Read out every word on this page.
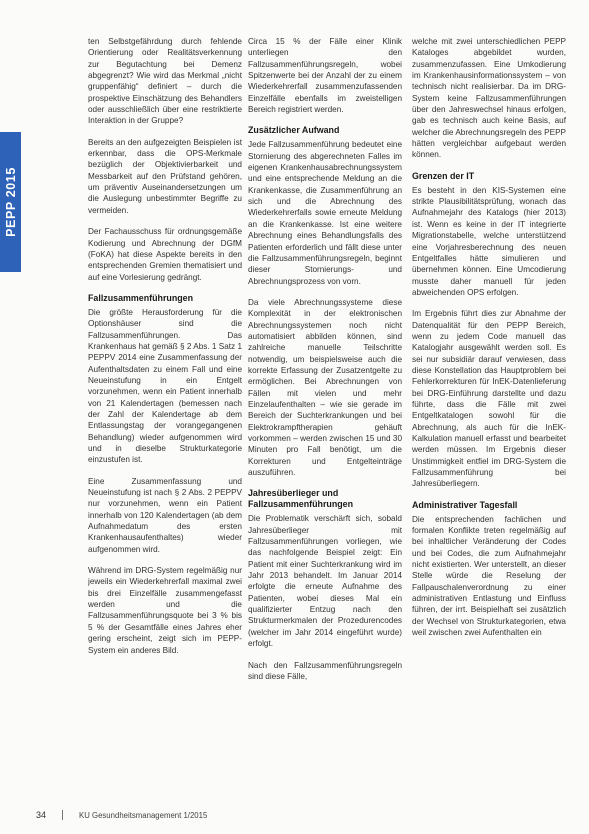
PEPP 2015

ten Selbstgefährdung durch fehlende Orientierung oder Realitätsverkennung zur Begutachtung bei Demenz abgegrenzt? Wie wird das Merkmal „nicht gruppenfähig“ definiert – durch die prospektive Einschätzung des Behandlers oder ausschließlich über eine restriktierte Interaktion in der Gruppe?

Bereits an den aufgezeigten Beispielen ist erkennbar, dass die OPS-Merkmale bezüglich der Objektivierbarkeit und Messbarkeit auf den Prüfstand gehören, um präventiv Auseinandersetzungen um die Auslegung unbestimmter Begriffe zu vermeiden.

Der Fachausschuss für ordnungsgemäße Kodierung und Abrechnung der DGfM (FoKA) hat diese Aspekte bereits in den entsprechenden Gremien thematisiert und auf eine Vorlesierung gedrängt.

Fallzusammenführungen

Die größte Herausforderung für die Optionshäuser sind die Fallzusammenführungen. Das Krankenhaus hat gemäß § 2 Abs. 1 Satz 1 PEPPV 2014 eine Zusammenfassung der Aufenthaltsdaten zu einem Fall und eine Neueinstufung in ein Entgelt vorzunehmen, wenn ein Patient innerhalb von 21 Kalendertagen (bemessen nach der Zahl der Kalendertage ab dem Entlassungstag der vorangegangenen Behandlung) wieder aufgenommen wird und in dieselbe Strukturkategorie einzustufen ist.

Eine Zusammenfassung und Neueinstufung ist nach § 2 Abs. 2 PEPPV nur vorzunehmen, wenn ein Patient innerhalb von 120 Kalendertagen (ab dem Aufnahmedatum des ersten Krankenhausaufenthaltes) wieder aufgenommen wird.

Während im DRG-System regelmäßig nur jeweils ein Wiederkehrerfall maximal zwei bis drei Einzelfälle zusammengefasst werden und die Fallzusammenführungsquote bei 3 % bis 5 % der Gesamtfälle eines Jahres eher gering erscheint, zeigt sich im PEPP-System ein anderes Bild.

Circa 15 % der Fälle einer Klinik unterliegen den Fallzusammenführungsregeln, wobei Spitzenwerte bei der Anzahl der zu einem Wiederkehrerfall zusammenzufassenden Einzelfälle ebenfalls im zweistelligen Bereich registriert werden.

Zusätzlicher Aufwand

Jede Fallzusammenführung bedeutet eine Stornierung des abgerechneten Falles im eigenen Krankenhausabrechnungssystem und eine entsprechende Meldung an die Krankenkasse, die Zusammenführung an sich und die Abrechnung des Wiederkehrerfalls sowie erneute Meldung an die Krankenkasse. Ist eine weitere Abrechnung eines Behandlungsfalls des Patienten erforderlich und fällt diese unter die Fallzusammenführungsregeln, beginnt dieser Stornierungs- und Abrechnungsprozess von vorn.

Da viele Abrechnungssysteme diese Komplexität in der elektronischen Abrechnungssystemen noch nicht automatisiert abbilden können, sind zahlreiche manuelle Teilschritte notwendig, um beispielsweise auch die korrekte Erfassung der Zusatzentgelte zu ermöglichen. Bei Abrechnungen von Fällen mit vielen und mehr Einzelaufenthalten – wie sie gerade im Bereich der Suchterkrankungen und bei Elektrokrampftherapien gehäuft vorkommen – werden zwischen 15 und 30 Minuten pro Fall benötigt, um die Korrekturen und Entgelteinträge auszuführen.

Jahresüberlieger und Fallzusammenführungen

Die Problematik verschärft sich, sobald Jahresüberlieger mit Fallzusammenführungen vorliegen, wie das nachfolgende Beispiel zeigt: Ein Patient mit einer Suchterkrankung wird im Jahr 2013 behandelt. Im Januar 2014 erfolgte die erneute Aufnahme des Patienten, wobei dieses Mal ein qualifizierter Entzug nach den Strukturmerkmalen der Prozedurencodes (welcher im Jahr 2014 eingeführt wurde) erfolgt.

Nach den Fallzusammenführungsregeln sind diese Fälle,

welche mit zwei unterschiedlichen PEPP Kataloges abgebildet wurden, zusammenzufassen. Eine Umkodierung im Krankenhausinformationssystem – von technisch nicht realisierbar. Da im DRG-System keine Fallzusammenführungen über den Jahreswechsel hinaus erfolgen, gab es technisch auch keine Basis, auf welcher die Abrechnungsregeln des PEPP hätten vergleichbar aufgebaut werden können.

Grenzen der IT

Es besteht in den KIS-Systemen eine strikte Plausibilitätsprüfung, wonach das Aufnahmejahr des Katalogs (hier 2013) ist. Wenn es keine in der IT integrierte Migrationstabelle, welche unterstützend eine Vorjahresberechnung des neuen Entgeltfalles hätte simulieren und übernehmen können. Eine Umcodierung musste daher manuell für jeden abweichenden OPS erfolgen.

Im Ergebnis führt dies zur Abnahme der Datenqualität für den PEPP Bereich, wenn zu jedem Code manuell das Katalogjahr ausgewählt werden soll. Es sei nur subsidiär darauf verwiesen, dass diese Konstellation das Hauptproblem bei Fehlerkorrekturen für InEK-Datenlieferung bei DRG-Einführung darstellte und dazu führte, dass die Fälle mit zwei Entgeltkatalogen sowohl für die Abrechnung, als auch für die InEK-Kalkulation manuell erfasst und bearbeitet werden müssen. Im Ergebnis dieser Unstimmigkeit entfiel im DRG-System die Fallzusammenführung bei Jahresüberliegern.

Administrativer Tagesfall

Die entsprechenden fachlichen und formalen Konflikte treten regelmäßig auf bei inhaltlicher Veränderung der Codes und bei Codes, die zum Aufnahmejahr nicht existierten. Wer unterstellt, an dieser Stelle würde die Reselung der Fallpauschalenverordnung zu einer administrativen Entlastung und Einfluss führen, der irrt. Beispielhaft sei zusätzlich der Wechsel von Strukturkategorien, etwa weil zwischen zwei Aufenthalten ein

34	KU Gesundheitsmanagement 1/2015
